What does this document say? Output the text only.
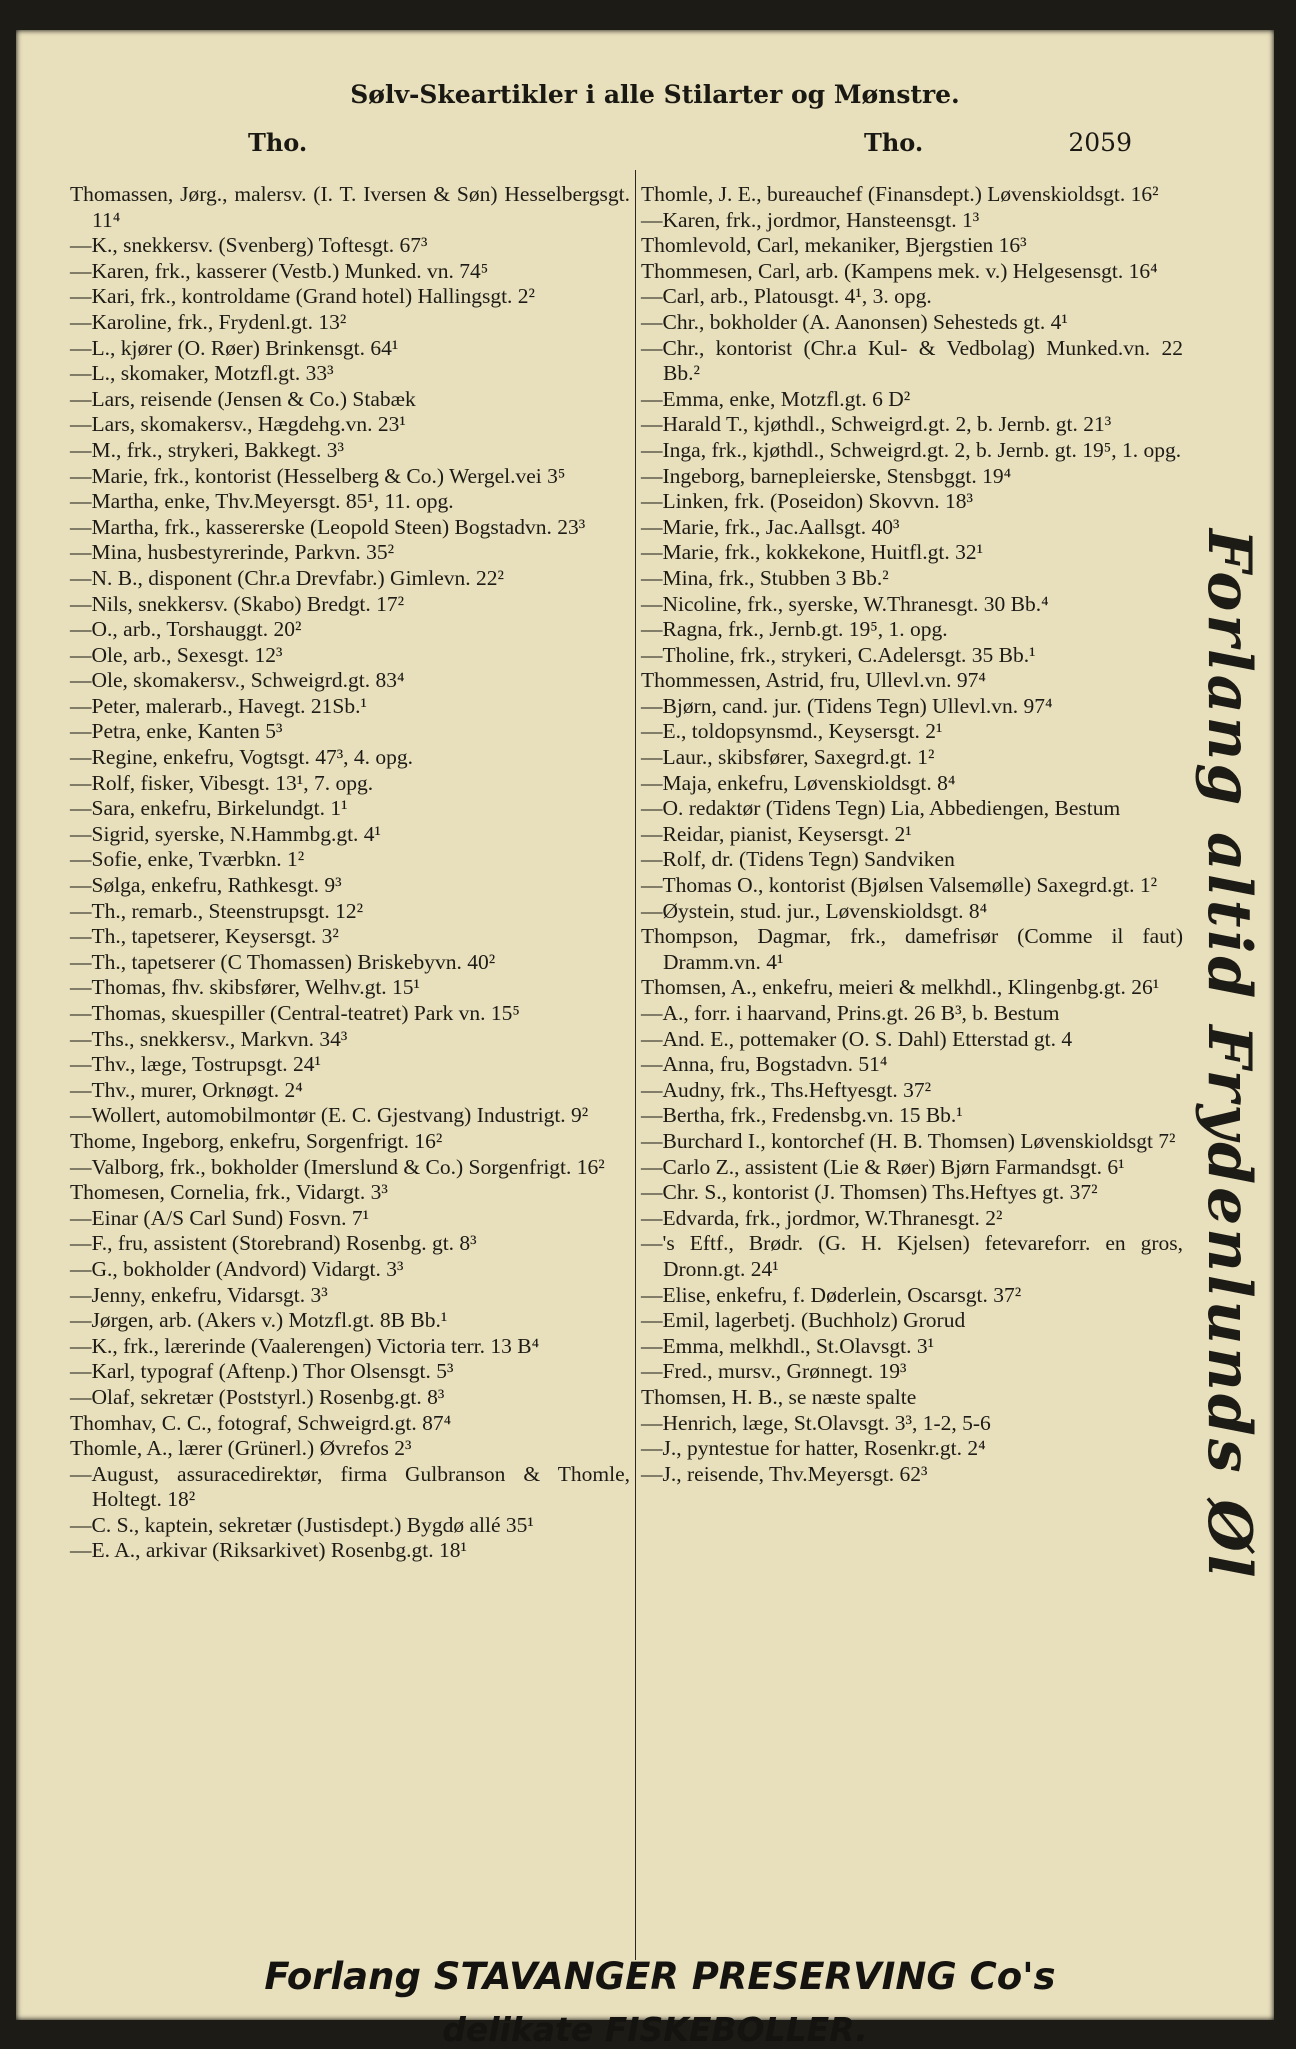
Sølv-Skeartikler i alle Stilarter og Mønstre.
Tho.	Tho.	2059

Thomassen, Jørg., malersv. (I. T. Iversen & Søn) Hesselbergsgt. 11⁴

—K., snekkersv. (Svenberg) Toftesgt. 67³

—Karen, frk., kasserer (Vestb.) Munked. vn. 74⁵

—Kari, frk., kontroldame (Grand hotel) Hallingsgt. 2²

—Karoline, frk., Frydenl.gt. 13²

—L., kjører (O. Røer) Brinkensgt. 64¹

—L., skomaker, Motzfl.gt. 33³

—Lars, reisende (Jensen & Co.) Stabæk

—Lars, skomakersv., Hægdehg.vn. 23¹

—M., frk., strykeri, Bakkegt. 3³

—Marie, frk., kontorist (Hesselberg & Co.) Wergel.vei 3⁵

—Martha, enke, Thv.Meyersgt. 85¹, 11. opg.

—Martha, frk., kassererske (Leopold Steen) Bogstadvn. 23³

—Mina, husbestyrerinde, Parkvn. 35²

—N. B., disponent (Chr.a Drevfabr.) Gimlevn. 22²

—Nils, snekkersv. (Skabo) Bredgt. 17²

—O., arb., Torshauggt. 20²

—Ole, arb., Sexesgt. 12³

—Ole, skomakersv., Schweigrd.gt. 83⁴

—Peter, malerarb., Havegt. 21Sb.¹

—Petra, enke, Kanten 5³

—Regine, enkefru, Vogtsgt. 47³, 4. opg.

—Rolf, fisker, Vibesgt. 13¹, 7. opg.

—Sara, enkefru, Birkelundgt. 1¹

—Sigrid, syerske, N.Hammbg.gt. 4¹

—Sofie, enke, Tværbkn. 1²

—Sølga, enkefru, Rathkesgt. 9³

—Th., remarb., Steenstrupsgt. 12²

—Th., tapetserer, Keysersgt. 3²

—Th., tapetserer (C Thomassen) Briskebyvn. 40²

—Thomas, fhv. skibsfører, Welhv.gt. 15¹

—Thomas, skuespiller (Central-teatret) Park vn. 15⁵

—Ths., snekkersv., Markvn. 34³

—Thv., læge, Tostrupsgt. 24¹

—Thv., murer, Orknøgt. 2⁴

—Wollert, automobilmontør (E. C. Gjestvang) Industrigt. 9²

Thome, Ingeborg, enkefru, Sorgenfrigt. 16²

—Valborg, frk., bokholder (Imerslund & Co.) Sorgenfrigt. 16²

Thomesen, Cornelia, frk., Vidargt. 3³

—Einar (A/S Carl Sund) Fosvn. 7¹

—F., fru, assistent (Storebrand) Rosenbg. gt. 8³

—G., bokholder (Andvord) Vidargt. 3³

—Jenny, enkefru, Vidarsgt. 3³

—Jørgen, arb. (Akers v.) Motzfl.gt. 8B Bb.¹

—K., frk., lærerinde (Vaalerengen) Victoria terr. 13 B⁴

—Karl, typograf (Aftenp.) Thor Olsensgt. 5³

—Olaf, sekretær (Poststyrl.) Rosenbg.gt. 8³

Thomhav, C. C., fotograf, Schweigrd.gt. 87⁴

Thomle, A., lærer (Grünerl.) Øvrefos 2³

—August, assuracedirektør, firma Gulbranson & Thomle, Holtegt. 18²

—C. S., kaptein, sekretær (Justisdept.) Bygdø allé 35¹

—E. A., arkivar (Riksarkivet) Rosenbg.gt. 18¹

Thomle, J. E., bureauchef (Finansdept.) Løvenskioldsgt. 16²

—Karen, frk., jordmor, Hansteensgt. 1³

Thomlevold, Carl, mekaniker, Bjergstien 16³

Thommesen, Carl, arb. (Kampens mek. v.) Helgesensgt. 16⁴

—Carl, arb., Platousgt. 4¹, 3. opg.

—Chr., bokholder (A. Aanonsen) Sehesteds gt. 4¹

—Chr., kontorist (Chr.a Kul- & Vedbolag) Munked.vn. 22 Bb.²

—Emma, enke, Motzfl.gt. 6 D²

—Harald T., kjøthdl., Schweigrd.gt. 2, b. Jernb. gt. 21³

—Inga, frk., kjøthdl., Schweigrd.gt. 2, b. Jernb. gt. 19⁵, 1. opg.

—Ingeborg, barnepleierske, Stensbggt. 19⁴

—Linken, frk. (Poseidon) Skovvn. 18³

—Marie, frk., Jac.Aallsgt. 40³

—Marie, frk., kokkekone, Huitfl.gt. 32¹

—Mina, frk., Stubben 3 Bb.²

—Nicoline, frk., syerske, W.Thranesgt. 30 Bb.⁴

—Ragna, frk., Jernb.gt. 19⁵, 1. opg.

—Tholine, frk., strykeri, C.Adelersgt. 35 Bb.¹

Thommessen, Astrid, fru, Ullevl.vn. 97⁴

—Bjørn, cand. jur. (Tidens Tegn) Ullevl.vn. 97⁴

—E., toldopsynsmd., Keysersgt. 2¹

—Laur., skibsfører, Saxegrd.gt. 1²

—Maja, enkefru, Løvenskioldsgt. 8⁴

—O. redaktør (Tidens Tegn) Lia, Abbediengen, Bestum

—Reidar, pianist, Keysersgt. 2¹

—Rolf, dr. (Tidens Tegn) Sandviken

—Thomas O., kontorist (Bjølsen Valsemølle) Saxegrd.gt. 1²

—Øystein, stud. jur., Løvenskioldsgt. 8⁴

Thompson, Dagmar, frk., damefrisør (Comme il faut) Dramm.vn. 4¹

Thomsen, A., enkefru, meieri & melkhdl., Klingenbg.gt. 26¹

—A., forr. i haarvand, Prins.gt. 26 B³, b. Bestum

—And. E., pottemaker (O. S. Dahl) Etterstad gt. 4

—Anna, fru, Bogstadvn. 51⁴

—Audny, frk., Ths.Heftyesgt. 37²

—Bertha, frk., Fredensbg.vn. 15 Bb.¹

—Burchard I., kontorchef (H. B. Thomsen) Løvenskioldsgt 7²

—Carlo Z., assistent (Lie & Røer) Bjørn Farmandsgt. 6¹

—Chr. S., kontorist (J. Thomsen) Ths.Heftyes gt. 37²

—Edvarda, frk., jordmor, W.Thranesgt. 2²

—'s Eftf., Brødr. (G. H. Kjelsen) fetevareforr. en gros, Dronn.gt. 24¹

—Elise, enkefru, f. Døderlein, Oscarsgt. 37²

—Emil, lagerbetj. (Buchholz) Grorud

—Emma, melkhdl., St.Olavsgt. 3¹

—Fred., mursv., Grønnegt. 19³

Thomsen, H. B., se næste spalte

—Henrich, læge, St.Olavsgt. 3³, 1-2, 5-6

—J., pyntestue for hatter, Rosenkr.gt. 2⁴

—J., reisende, Thv.Meyersgt. 62³	Forlang altid Frydenlunds Øl
Forlang STAVANGER PRESERVING Co's
delikate FISKEBOLLER.
